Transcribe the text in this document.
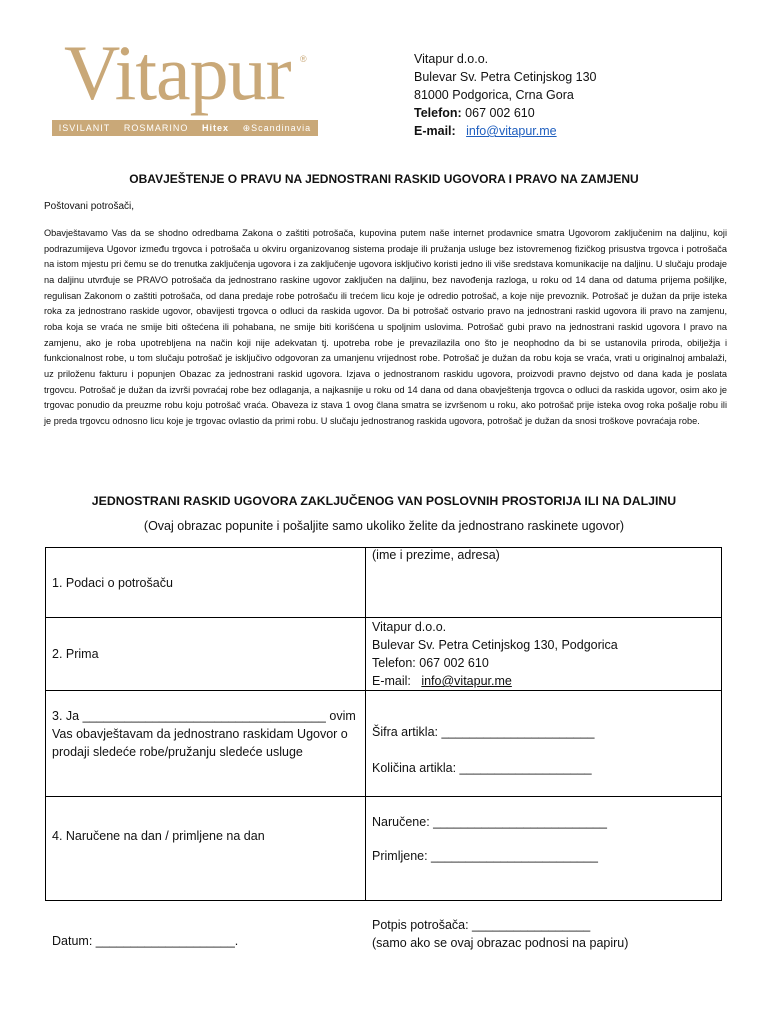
Vitapur ®
ISVILANIT ROSMARINO Hitex ⊕Scandinavia
Vitapur d.o.o.
Bulevar Sv. Petra Cetinjskog 130
81000 Podgorica, Crna Gora
Telefon: 067 002 610
E-mail: info@vitapur.me
OBAVJEŠTENJE O PRAVU NA JEDNOSTRANI RASKID UGOVORA I PRAVO NA ZAMJENU
Poštovani potrošači,
Obavještavamo Vas da se shodno odredbama Zakona o zaštiti potrošača, kupovina putem naše internet prodavnice smatra Ugovorom zaključenim na daljinu, koji podrazumijeva Ugovor između trgovca i potrošača u okviru organizovanog sistema prodaje ili pružanja usluge bez istovremenog fizičkog prisustva trgovca i potrošača na istom mjestu pri čemu se do trenutka zaključenja ugovora i za zaključenje ugovora isključivo koristi jedno ili više sredstava komunikacije na daljinu. U slučaju prodaje na daljinu utvrđuje se PRAVO potrošača da jednostrano raskine ugovor zaključen na daljinu, bez navođenja razloga, u roku od 14 dana od datuma prijema pošiljke, regulisan Zakonom o zaštiti potrošača, od dana predaje robe potrošaču ili trećem licu koje je odredio potrošač, a koje nije prevoznik. Potrošač je dužan da prije isteka roka za jednostrano raskide ugovor, obavijesti trgovca o odluci da raskida ugovor. Da bi potrošač ostvario pravo na jednostrani raskid ugovora ili pravo na zamjenu, roba koja se vraća ne smije biti oštećena ili pohabana, ne smije biti korišćena u spoljnim uslovima. Potrošač gubi pravo na jednostrani raskid ugovora I pravo na zamjenu, ako je roba upotrebljena na način koji nije adekvatan tj. upotreba robe je prevazilazila ono što je neophodno da bi se ustanovila priroda, obilježja i funkcionalnost robe, u tom slučaju potrošač je isključivo odgovoran za umanjenu vrijednost robe. Potrošač je dužan da robu koja se vraća, vrati u originalnoj ambalaži, uz priloženu fakturu i popunjen Obazac za jednostrani raskid ugovora. Izjava o jednostranom raskidu ugovora, proizvodi pravno dejstvo od dana kada je poslata trgovcu. Potrošač je dužan da izvrši povraćaj robe bez odlaganja, a najkasnije u roku od 14 dana od dana obavještenja trgovca o odluci da raskida ugovor, osim ako je trgovac ponudio da preuzme robu koju potrošač vraća. Obaveza iz stava 1 ovog člana smatra se izvršenom u roku, ako potrošač prije isteka ovog roka pošalje robu ili je preda trgovcu odnosno licu koje je trgovac ovlastio da primi robu. U slučaju jednostranog raskida ugovora, potrošač je dužan da snosi troškove povraćaja robe.
JEDNOSTRANI RASKID UGOVORA ZAKLJUČENOG VAN POSLOVNIH PROSTORIJA ILI NA DALJINU
(Ovaj obrazac popunite i pošaljite samo ukoliko želite da jednostrano raskinete ugovor)
1. Podaci o potrošaču	(ime i prezime, adresa)
2. Prima	Vitapur d.o.o.
Bulevar Sv. Petra Cetinjskog 130, Podgorica
Telefon: 067 002 610
E-mail: info@vitapur.me

3. Ja ___________________________________ ovim
Vas obavještavam da jednostrano raskidam Ugovor o
prodaji sledeće robe/pružanju sledeće usluge	Šifra artikla: ______________________
Količina artikla: ___________________

4. Naručene na dan / primljene na dan	Naručene: _________________________
Primljene: ________________________
Datum: ____________________.
Potpis potrošača: _________________
(samo ako se ovaj obrazac podnosi na papiru)
